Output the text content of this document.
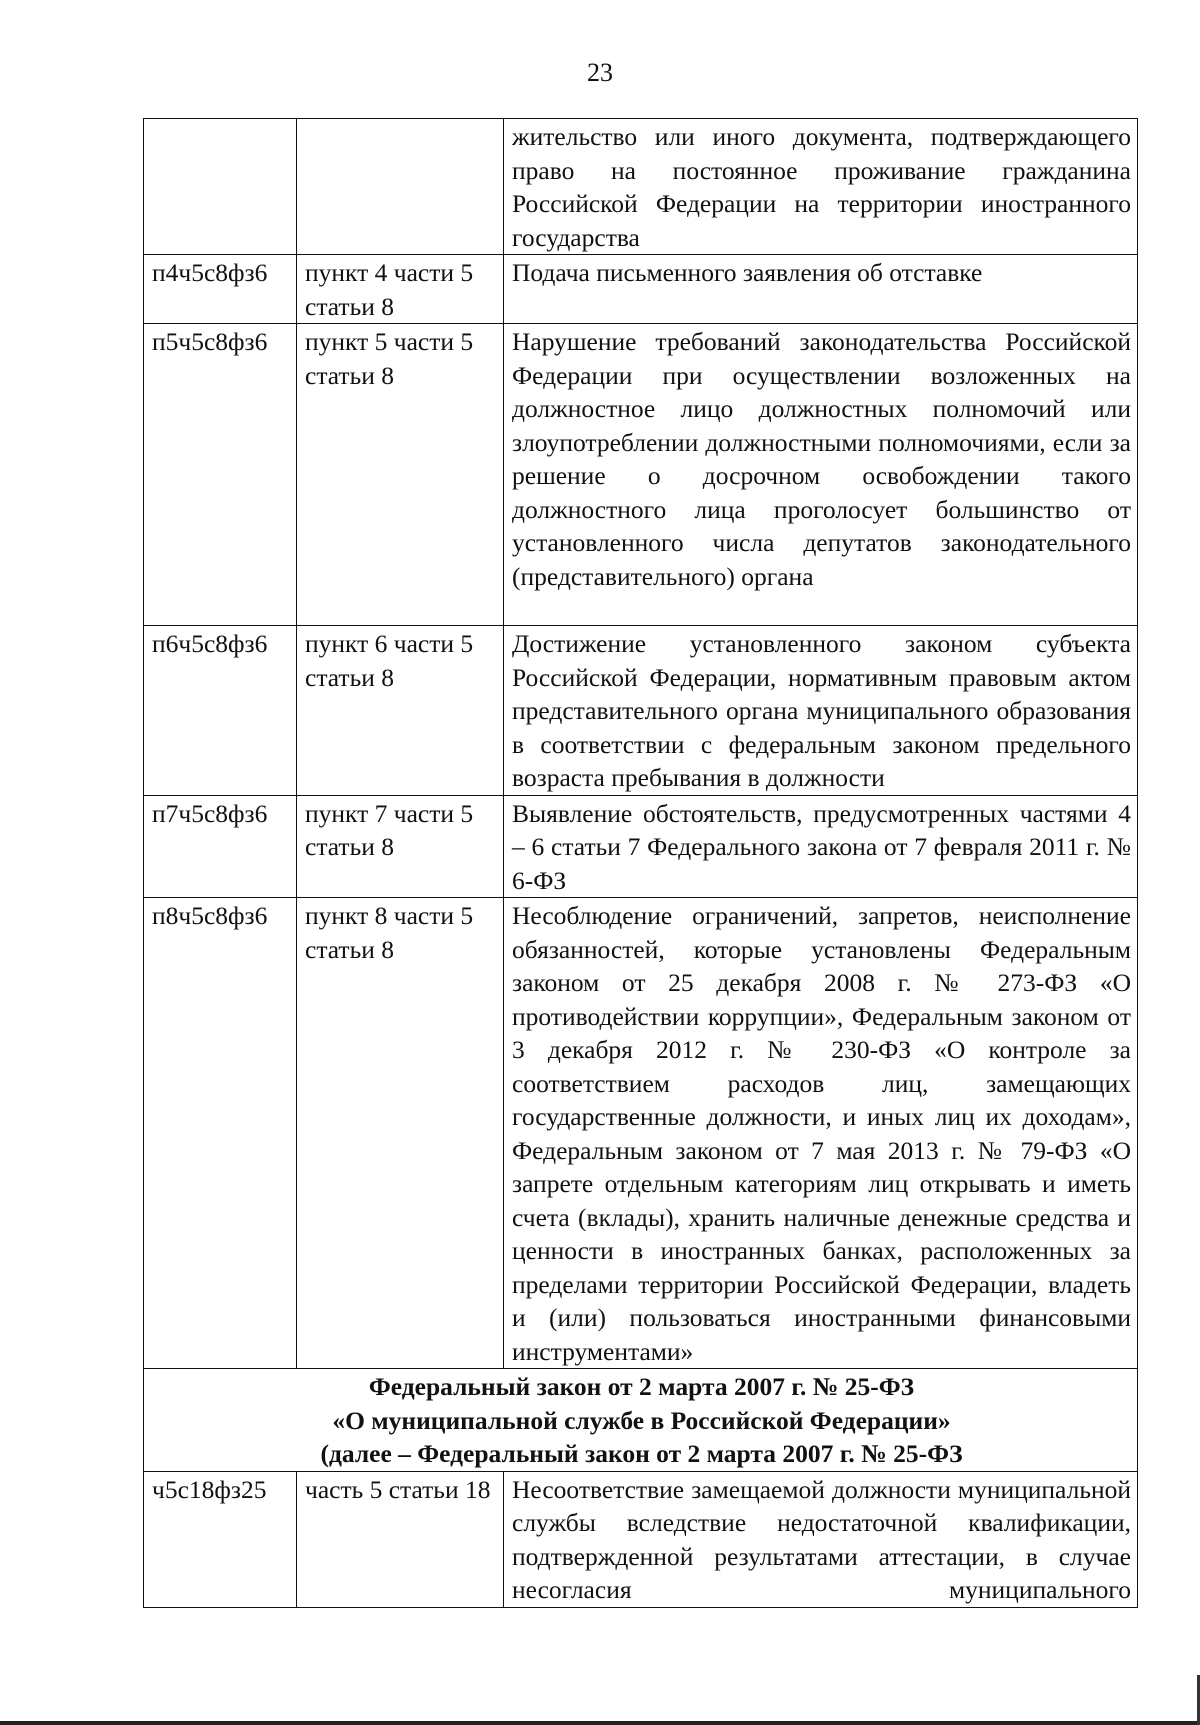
23
		жительство или иного документа, подтверждающего право на постоянное проживание гражданина Российской Федерации на территории иностранного государства
п4ч5с8фз6	пункт 4 части 5 статьи 8	Подача письменного заявления об отставке
п5ч5с8фз6	пункт 5 части 5 статьи 8	Нарушение требований законодательства Российской Федерации при осуществлении возложенных на должностное лицо должностных полномочий или злоупотреблении должностными полномочиями, если за решение о досрочном освобождении такого должностного лица проголосует большинство от установленного числа депутатов законодательного (представительного) органа
п6ч5с8фз6	пункт 6 части 5 статьи 8	Достижение установленного законом субъекта Российской Федерации, нормативным правовым актом представительного органа муниципального образования в соответствии с федеральным законом предельного возраста пребывания в должности
п7ч5с8фз6	пункт 7 части 5 статьи 8	Выявление обстоятельств, предусмотренных частями 4 – 6 статьи 7 Федерального закона от 7 февраля 2011 г. № 6-ФЗ
п8ч5с8фз6	пункт 8 части 5 статьи 8	Несоблюдение ограничений, запретов, неисполнение обязанностей, которые установлены Федеральным законом от 25 декабря 2008 г. № 273-ФЗ «О противодействии коррупции», Федеральным законом от 3 декабря 2012 г. № 230-ФЗ «О контроле за соответствием расходов лиц, замещающих государственные должности, и иных лиц их доходам», Федеральным законом от 7 мая 2013 г. № 79-ФЗ «О запрете отдельным категориям лиц открывать и иметь счета (вклады), хранить наличные денежные средства и ценности в иностранных банках, расположенных за пределами территории Российской Федерации, владеть и (или) пользоваться иностранными финансовыми инструментами»

Федеральный закон от 2 марта 2007 г. № 25-ФЗ
«О муниципальной службе в Российской Федерации»
(далее – Федеральный закон от 2 марта 2007 г. № 25-ФЗ		

ч5с18фз25	часть 5 статьи 18	Несоответствие замещаемой должности муниципальной службы вследствие недостаточной квалификации, подтвержденной результатами аттестации, в случае несогласия муниципального
